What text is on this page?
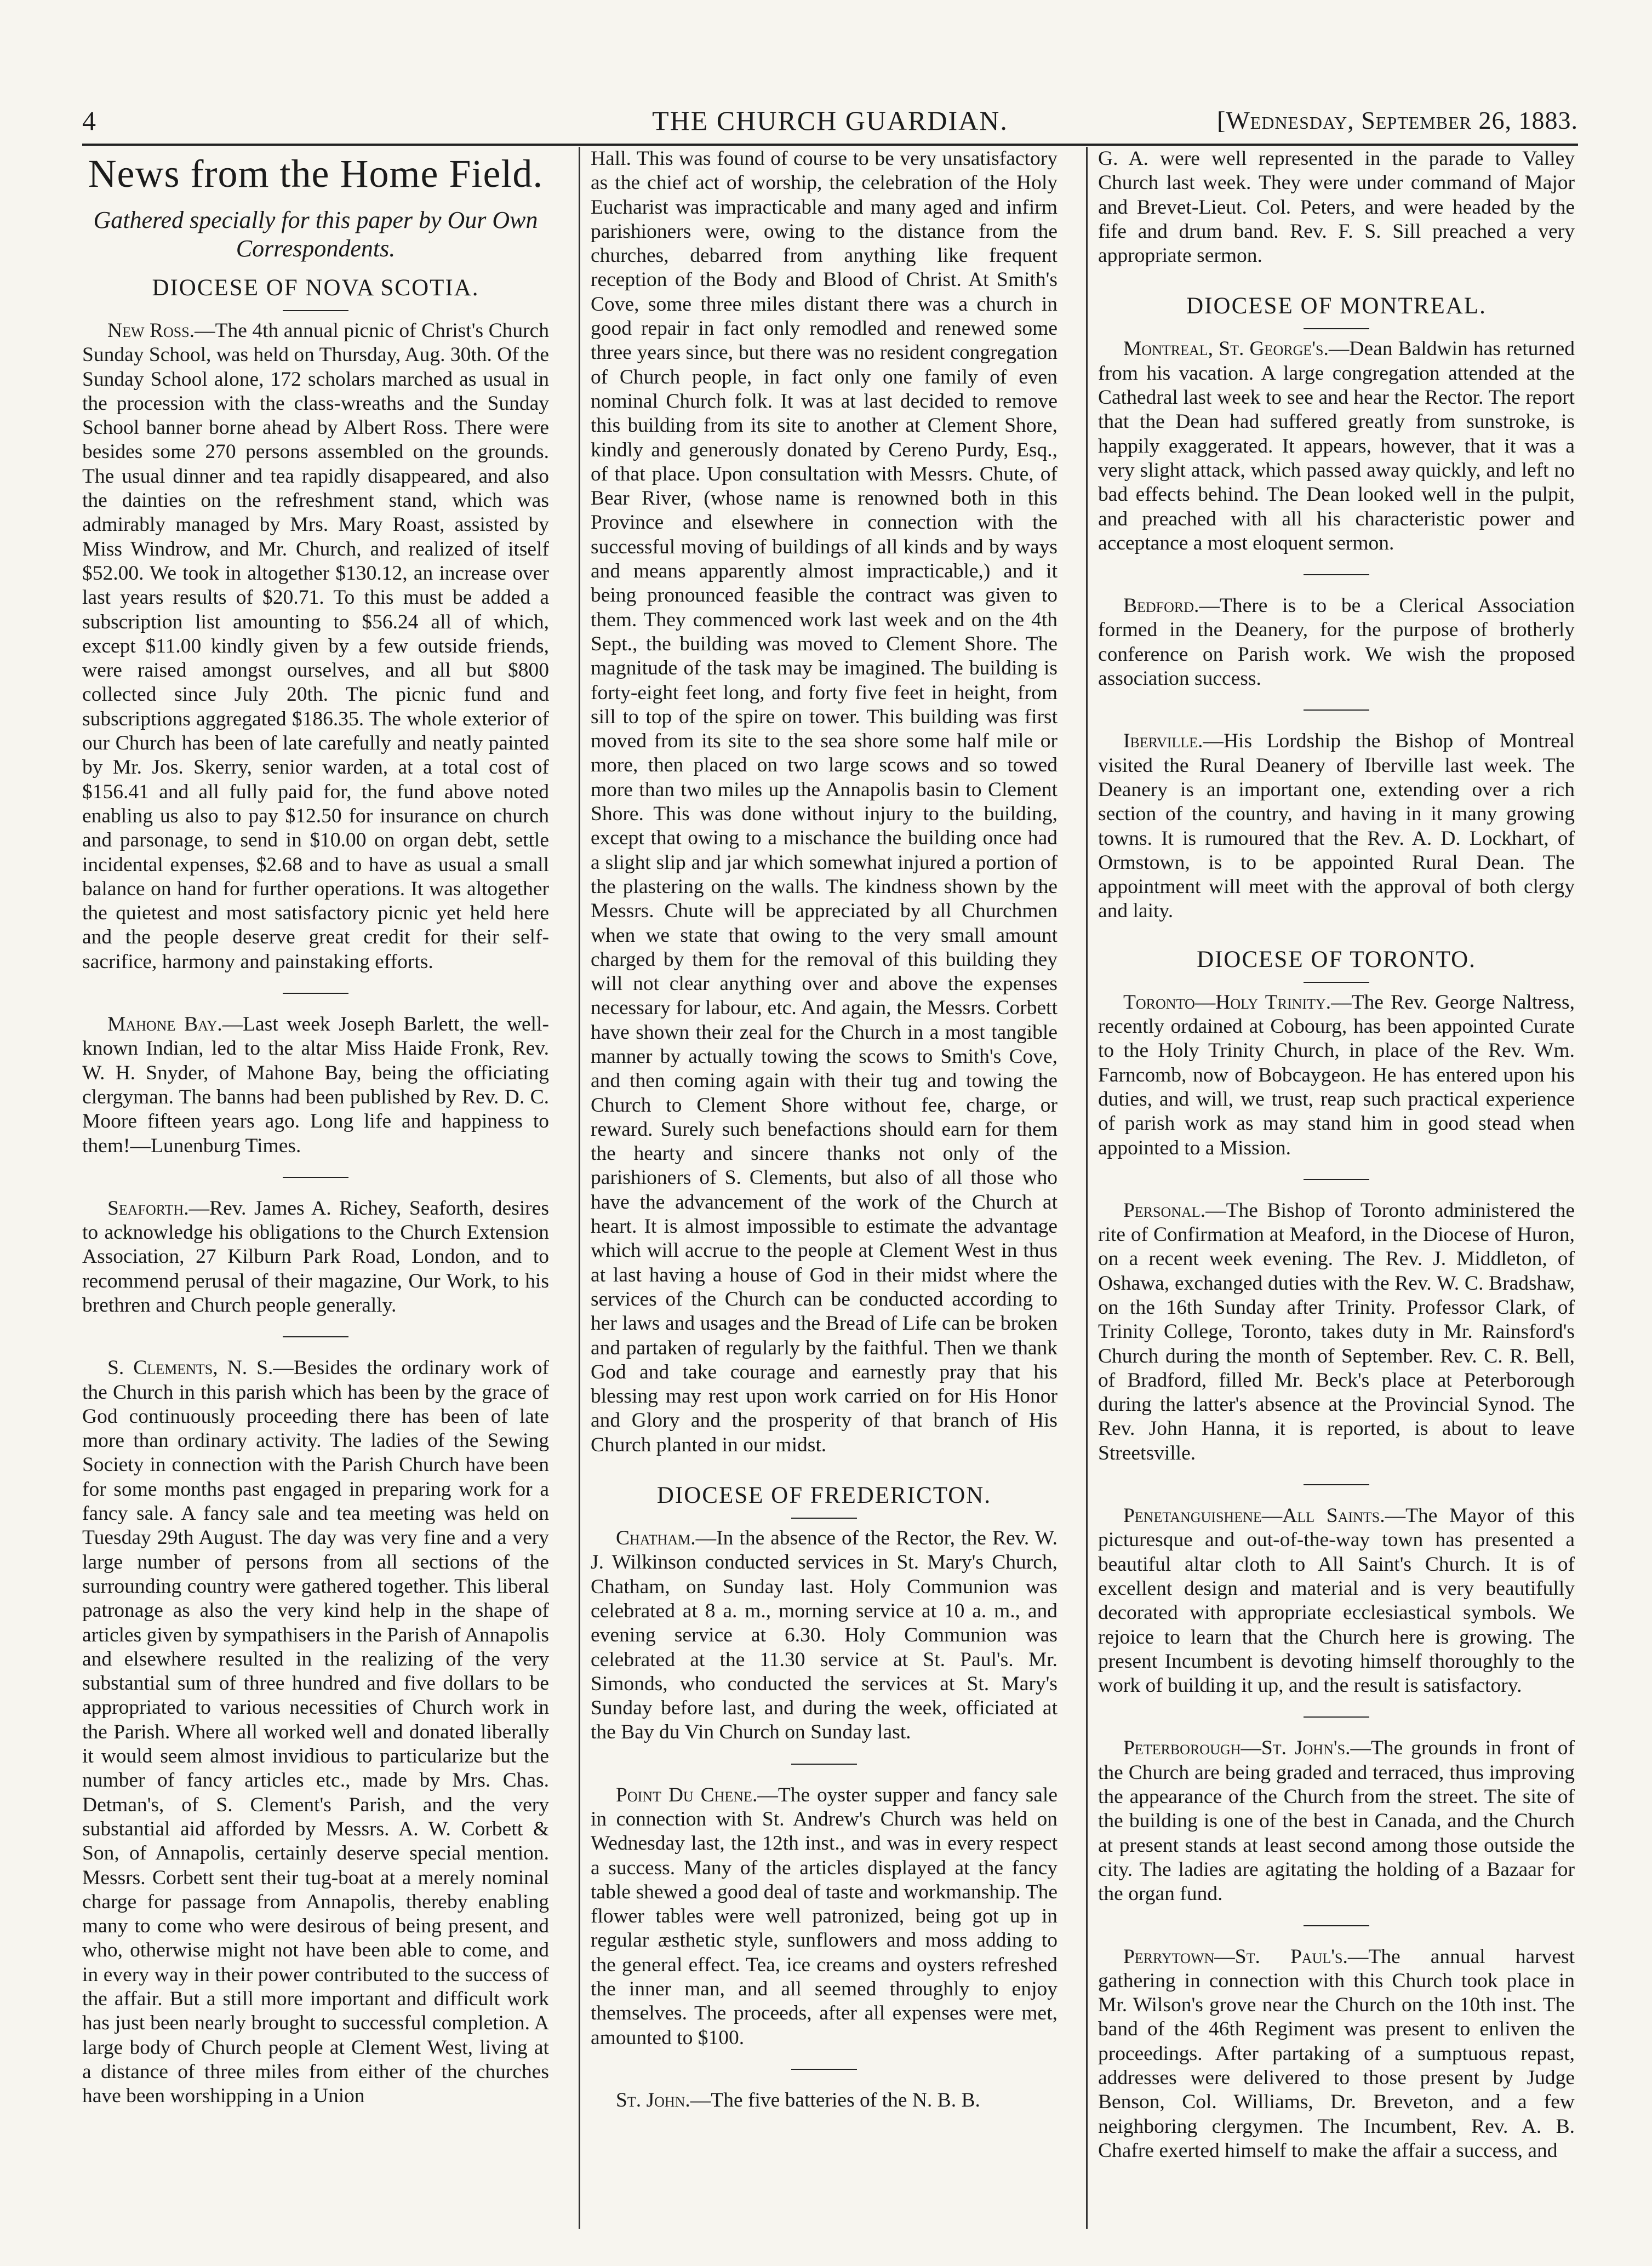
4	THE CHURCH GUARDIAN.	[Wednesday, September 26, 1883.
News from the Home Field.
Gathered specially for this paper by Our Own Correspondents.
DIOCESE OF NOVA SCOTIA.

New Ross.—The 4th annual picnic of Christ's Church Sunday School, was held on Thursday, Aug. 30th. Of the Sunday School alone, 172 scholars marched as usual in the procession with the class-wreaths and the Sunday School banner borne ahead by Albert Ross. There were besides some 270 persons assembled on the grounds. The usual dinner and tea rapidly disappeared, and also the dainties on the refreshment stand, which was admirably managed by Mrs. Mary Roast, assisted by Miss Windrow, and Mr. Church, and realized of itself $52.00. We took in altogether $130.12, an increase over last years results of $20.71. To this must be added a subscription list amounting to $56.24 all of which, except $11.00 kindly given by a few outside friends, were raised amongst ourselves, and all but $800 collected since July 20th. The picnic fund and subscriptions aggregated $186.35. The whole exterior of our Church has been of late carefully and neatly painted by Mr. Jos. Skerry, senior warden, at a total cost of $156.41 and all fully paid for, the fund above noted enabling us also to pay $12.50 for insurance on church and parsonage, to send in $10.00 on organ debt, settle incidental expenses, $2.68 and to have as usual a small balance on hand for further operations. It was altogether the quietest and most satisfactory picnic yet held here and the people deserve great credit for their self-sacrifice, harmony and painstaking efforts.

Mahone Bay.—Last week Joseph Barlett, the well-known Indian, led to the altar Miss Haide Fronk, Rev. W. H. Snyder, of Mahone Bay, being the officiating clergyman. The banns had been published by Rev. D. C. Moore fifteen years ago. Long life and happiness to them!—Lunenburg Times.

Seaforth.—Rev. James A. Richey, Seaforth, desires to acknowledge his obligations to the Church Extension Association, 27 Kilburn Park Road, London, and to recommend perusal of their magazine, Our Work, to his brethren and Church people generally.

S. Clements, N. S.—Besides the ordinary work of the Church in this parish which has been by the grace of God continuously proceeding there has been of late more than ordinary activity. The ladies of the Sewing Society in connection with the Parish Church have been for some months past engaged in preparing work for a fancy sale. A fancy sale and tea meeting was held on Tuesday 29th August. The day was very fine and a very large number of persons from all sections of the surrounding country were gathered together. This liberal patronage as also the very kind help in the shape of articles given by sympathisers in the Parish of Annapolis and elsewhere resulted in the realizing of the very substantial sum of three hundred and five dollars to be appropriated to various necessities of Church work in the Parish. Where all worked well and donated liberally it would seem almost invidious to particularize but the number of fancy articles etc., made by Mrs. Chas. Detman's, of S. Clement's Parish, and the very substantial aid afforded by Messrs. A. W. Corbett & Son, of Annapolis, certainly deserve special mention. Messrs. Corbett sent their tug-boat at a merely nominal charge for passage from Annapolis, thereby enabling many to come who were desirous of being present, and who, otherwise might not have been able to come, and in every way in their power contributed to the success of the affair. But a still more important and difficult work has just been nearly brought to successful completion. A large body of Church people at Clement West, living at a distance of three miles from either of the churches have been worshipping in a Union

Hall. This was found of course to be very unsatisfactory as the chief act of worship, the celebration of the Holy Eucharist was impracticable and many aged and infirm parishioners were, owing to the distance from the churches, debarred from anything like frequent reception of the Body and Blood of Christ. At Smith's Cove, some three miles distant there was a church in good repair in fact only remodled and renewed some three years since, but there was no resident congregation of Church people, in fact only one family of even nominal Church folk. It was at last decided to remove this building from its site to another at Clement Shore, kindly and generously donated by Cereno Purdy, Esq., of that place. Upon consultation with Messrs. Chute, of Bear River, (whose name is renowned both in this Province and elsewhere in connection with the successful moving of buildings of all kinds and by ways and means apparently almost impracticable,) and it being pronounced feasible the contract was given to them. They commenced work last week and on the 4th Sept., the building was moved to Clement Shore. The magnitude of the task may be imagined. The building is forty-eight feet long, and forty five feet in height, from sill to top of the spire on tower. This building was first moved from its site to the sea shore some half mile or more, then placed on two large scows and so towed more than two miles up the Annapolis basin to Clement Shore. This was done without injury to the building, except that owing to a mischance the building once had a slight slip and jar which somewhat injured a portion of the plastering on the walls. The kindness shown by the Messrs. Chute will be appreciated by all Churchmen when we state that owing to the very small amount charged by them for the removal of this building they will not clear anything over and above the expenses necessary for labour, etc. And again, the Messrs. Corbett have shown their zeal for the Church in a most tangible manner by actually towing the scows to Smith's Cove, and then coming again with their tug and towing the Church to Clement Shore without fee, charge, or reward. Surely such benefactions should earn for them the hearty and sincere thanks not only of the parishioners of S. Clements, but also of all those who have the advancement of the work of the Church at heart. It is almost impossible to estimate the advantage which will accrue to the people at Clement West in thus at last having a house of God in their midst where the services of the Church can be conducted according to her laws and usages and the Bread of Life can be broken and partaken of regularly by the faithful. Then we thank God and take courage and earnestly pray that his blessing may rest upon work carried on for His Honor and Glory and the prosperity of that branch of His Church planted in our midst.

DIOCESE OF FREDERICTON.

Chatham.—In the absence of the Rector, the Rev. W. J. Wilkinson conducted services in St. Mary's Church, Chatham, on Sunday last. Holy Communion was celebrated at 8 a. m., morning service at 10 a. m., and evening service at 6.30. Holy Communion was celebrated at the 11.30 service at St. Paul's. Mr. Simonds, who conducted the services at St. Mary's Sunday before last, and during the week, officiated at the Bay du Vin Church on Sunday last.

Point Du Chene.—The oyster supper and fancy sale in connection with St. Andrew's Church was held on Wednesday last, the 12th inst., and was in every respect a success. Many of the articles displayed at the fancy table shewed a good deal of taste and workmanship. The flower tables were well patronized, being got up in regular æsthetic style, sunflowers and moss adding to the general effect. Tea, ice creams and oysters refreshed the inner man, and all seemed throughly to enjoy themselves. The proceeds, after all expenses were met, amounted to $100.

St. John.—The five batteries of the N. B. B.

G. A. were well represented in the parade to Valley Church last week. They were under command of Major and Brevet-Lieut. Col. Peters, and were headed by the fife and drum band. Rev. F. S. Sill preached a very appropriate sermon.

DIOCESE OF MONTREAL.

Montreal, St. George's.—Dean Baldwin has returned from his vacation. A large congregation attended at the Cathedral last week to see and hear the Rector. The report that the Dean had suffered greatly from sunstroke, is happily exaggerated. It appears, however, that it was a very slight attack, which passed away quickly, and left no bad effects behind. The Dean looked well in the pulpit, and preached with all his characteristic power and acceptance a most eloquent sermon.

Bedford.—There is to be a Clerical Association formed in the Deanery, for the purpose of brotherly conference on Parish work. We wish the proposed association success.

Iberville.—His Lordship the Bishop of Montreal visited the Rural Deanery of Iberville last week. The Deanery is an important one, extending over a rich section of the country, and having in it many growing towns. It is rumoured that the Rev. A. D. Lockhart, of Ormstown, is to be appointed Rural Dean. The appointment will meet with the approval of both clergy and laity.

DIOCESE OF TORONTO.

Toronto—Holy Trinity.—The Rev. George Naltress, recently ordained at Cobourg, has been appointed Curate to the Holy Trinity Church, in place of the Rev. Wm. Farncomb, now of Bobcaygeon. He has entered upon his duties, and will, we trust, reap such practical experience of parish work as may stand him in good stead when appointed to a Mission.

Personal.—The Bishop of Toronto administered the rite of Confirmation at Meaford, in the Diocese of Huron, on a recent week evening. The Rev. J. Middleton, of Oshawa, exchanged duties with the Rev. W. C. Bradshaw, on the 16th Sunday after Trinity. Professor Clark, of Trinity College, Toronto, takes duty in Mr. Rainsford's Church during the month of September. Rev. C. R. Bell, of Bradford, filled Mr. Beck's place at Peterborough during the latter's absence at the Provincial Synod. The Rev. John Hanna, it is reported, is about to leave Streetsville.

Penetanguishene—All Saints.—The Mayor of this picturesque and out-of-the-way town has presented a beautiful altar cloth to All Saint's Church. It is of excellent design and material and is very beautifully decorated with appropriate ecclesiastical symbols. We rejoice to learn that the Church here is growing. The present Incumbent is devoting himself thoroughly to the work of building it up, and the result is satisfactory.

Peterborough—St. John's.—The grounds in front of the Church are being graded and terraced, thus improving the appearance of the Church from the street. The site of the building is one of the best in Canada, and the Church at present stands at least second among those outside the city. The ladies are agitating the holding of a Bazaar for the organ fund.

Perrytown—St. Paul's.—The annual harvest gathering in connection with this Church took place in Mr. Wilson's grove near the Church on the 10th inst. The band of the 46th Regiment was present to enliven the proceedings. After partaking of a sumptuous repast, addresses were delivered to those present by Judge Benson, Col. Williams, Dr. Breveton, and a few neighboring clergymen. The Incumbent, Rev. A. B. Chafre exerted himself to make the affair a success, and
